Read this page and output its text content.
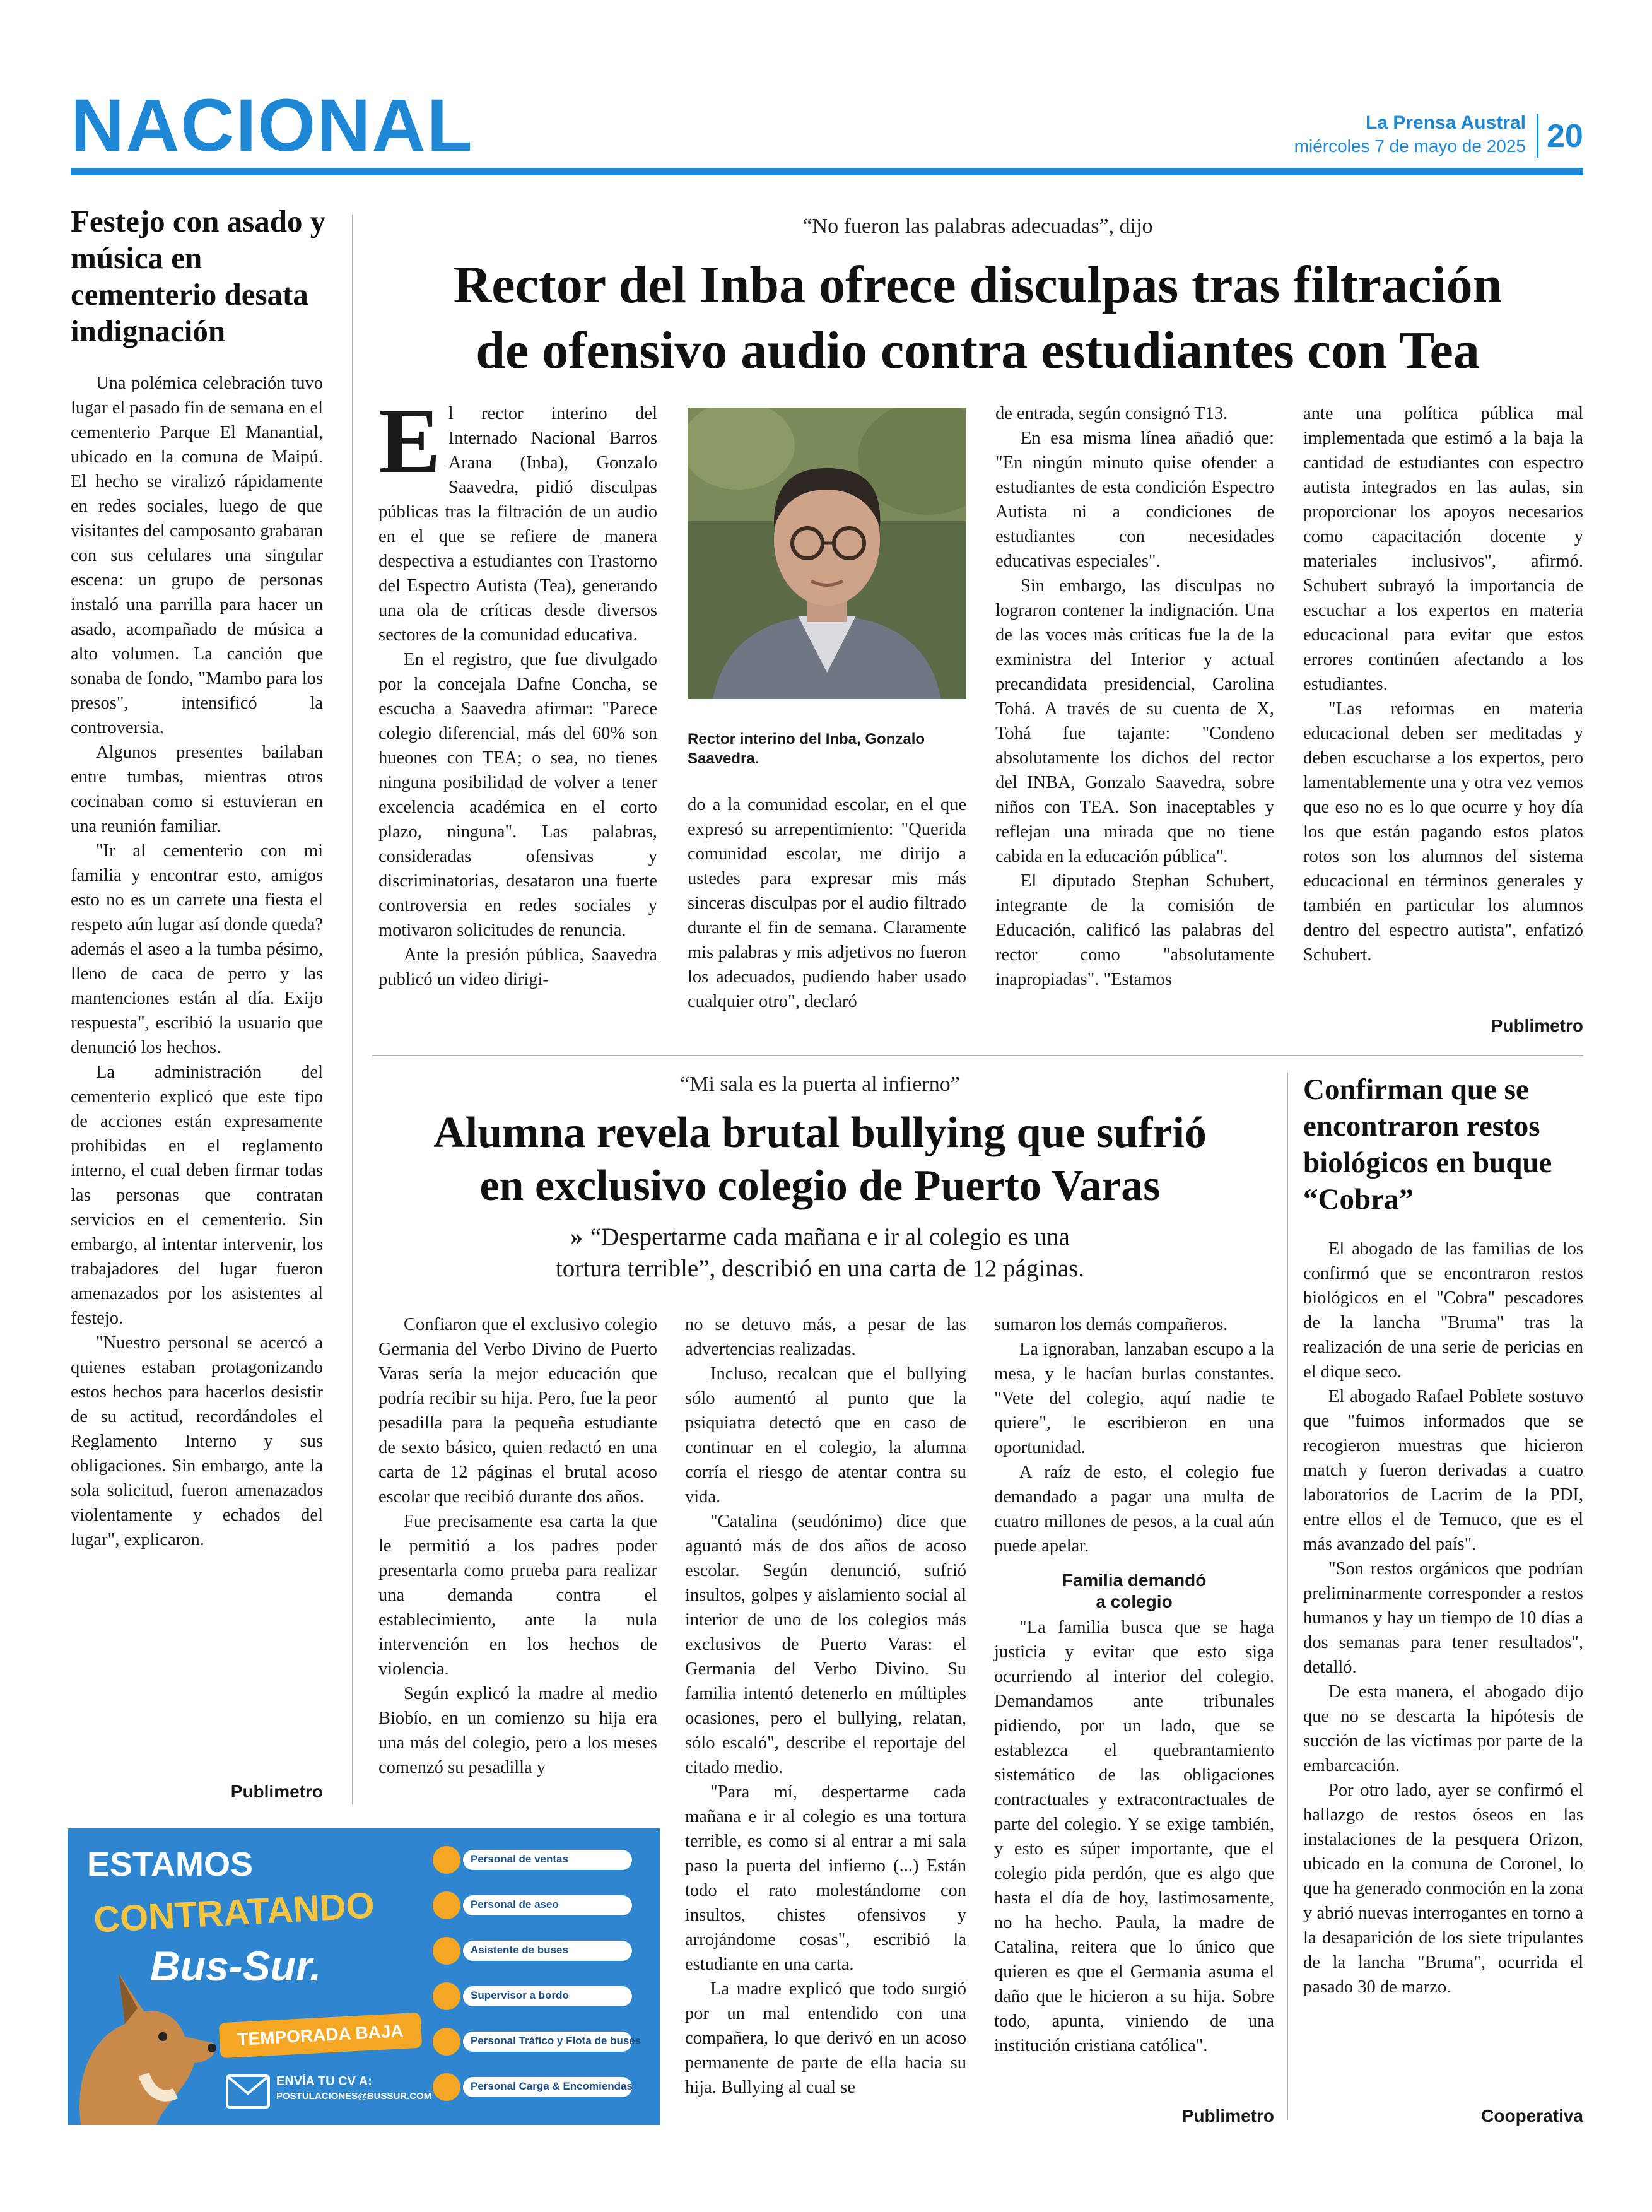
NACIONAL	La Prensa Austral
miércoles 7 de mayo de 2025 20
Festejo con asado y música en cementerio desata indignación

Una polémica celebración tuvo lugar el pasado fin de semana en el cementerio Parque El Manantial, ubicado en la comuna de Maipú. El hecho se viralizó rápidamente en redes sociales, luego de que visitantes del camposanto grabaran con sus celulares una singular escena: un grupo de personas instaló una parrilla para hacer un asado, acompañado de música a alto volumen. La canción que sonaba de fondo, "Mambo para los presos", intensificó la controversia.

Algunos presentes bailaban entre tumbas, mientras otros cocinaban como si estuvieran en una reunión familiar.

"Ir al cementerio con mi familia y encontrar esto, amigos esto no es un carrete una fiesta el respeto aún lugar así donde queda? además el aseo a la tumba pésimo, lleno de caca de perro y las mantenciones están al día. Exijo respuesta", escribió la usuario que denunció los hechos.

La administración del cementerio explicó que este tipo de acciones están expresamente prohibidas en el reglamento interno, el cual deben firmar todas las personas que contratan servicios en el cementerio. Sin embargo, al intentar intervenir, los trabajadores del lugar fueron amenazados por los asistentes al festejo.

"Nuestro personal se acercó a quienes estaban protagonizando estos hechos para hacerlos desistir de su actitud, recordándoles el Reglamento Interno y sus obligaciones. Sin embargo, ante la sola solicitud, fueron amenazados violentamente y echados del lugar", explicaron.

Publimetro
“No fueron las palabras adecuadas”, dijo
Rector del Inba ofrece disculpas tras filtración
de ofensivo audio contra estudiantes con Tea
E l rector interino del Internado Nacional Barros Arana (Inba), Gonzalo Saavedra, pidió disculpas públicas tras la filtración de un audio en el que se refiere de manera despectiva a estudiantes con Trastorno del Espectro Autista (Tea), generando una ola de críticas desde diversos sectores de la comunidad educativa.

En el registro, que fue divulgado por la concejala Dafne Concha, se escucha a Saavedra afirmar: "Parece colegio diferencial, más del 60% son hueones con TEA; o sea, no tienes ninguna posibilidad de volver a tener excelencia académica en el corto plazo, ninguna". Las palabras, consideradas ofensivas y discriminatorias, desataron una fuerte controversia en redes sociales y motivaron solicitudes de renuncia.

Ante la presión pública, Saavedra publicó un video dirigi-

Rector interino del Inba, Gonzalo Saavedra.

do a la comunidad escolar, en el que expresó su arrepentimiento: "Querida comunidad escolar, me dirijo a ustedes para expresar mis más sinceras disculpas por el audio filtrado durante el fin de semana. Claramente mis palabras y mis adjetivos no fueron los adecuados, pudiendo haber usado cualquier otro", declaró

de entrada, según consignó T13.

En esa misma línea añadió que: "En ningún minuto quise ofender a estudiantes de esta condición Espectro Autista ni a condiciones de estudiantes con necesidades educativas especiales".

Sin embargo, las disculpas no lograron contener la indignación. Una de las voces más críticas fue la de la exministra del Interior y actual precandidata presidencial, Carolina Tohá. A través de su cuenta de X, Tohá fue tajante: "Condeno absolutamente los dichos del rector del INBA, Gonzalo Saavedra, sobre niños con TEA. Son inaceptables y reflejan una mirada que no tiene cabida en la educación pública".

El diputado Stephan Schubert, integrante de la comisión de Educación, calificó las palabras del rector como "absolutamente inapropiadas". "Estamos

ante una política pública mal implementada que estimó a la baja la cantidad de estudiantes con espectro autista integrados en las aulas, sin proporcionar los apoyos necesarios como capacitación docente y materiales inclusivos", afirmó. Schubert subrayó la importancia de escuchar a los expertos en materia educacional para evitar que estos errores continúen afectando a los estudiantes.

"Las reformas en materia educacional deben ser meditadas y deben escucharse a los expertos, pero lamentablemente una y otra vez vemos que eso no es lo que ocurre y hoy día los que están pagando estos platos rotos son los alumnos del sistema educacional en términos generales y también en particular los alumnos dentro del espectro autista", enfatizó Schubert.

Publimetro
“Mi sala es la puerta al infierno”
Alumna revela brutal bullying que sufrió
en exclusivo colegio de Puerto Varas
» “Despertarme cada mañana e ir al colegio es una
tortura terrible”, describió en una carta de 12 páginas.

Confiaron que el exclusivo colegio Germania del Verbo Divino de Puerto Varas sería la mejor educación que podría recibir su hija. Pero, fue la peor pesadilla para la pequeña estudiante de sexto básico, quien redactó en una carta de 12 páginas el brutal acoso escolar que recibió durante dos años.

Fue precisamente esa carta la que le permitió a los padres poder presentarla como prueba para realizar una demanda contra el establecimiento, ante la nula intervención en los hechos de violencia.

Según explicó la madre al medio Biobío, en un comienzo su hija era una más del colegio, pero a los meses comenzó su pesadilla y

no se detuvo más, a pesar de las advertencias realizadas.

Incluso, recalcan que el bullying sólo aumentó al punto que la psiquiatra detectó que en caso de continuar en el colegio, la alumna corría el riesgo de atentar contra su vida.

"Catalina (seudónimo) dice que aguantó más de dos años de acoso escolar. Según denunció, sufrió insultos, golpes y aislamiento social al interior de uno de los colegios más exclusivos de Puerto Varas: el Germania del Verbo Divino. Su familia intentó detenerlo en múltiples ocasiones, pero el bullying, relatan, sólo escaló", describe el reportaje del citado medio.

"Para mí, despertarme cada mañana e ir al colegio es una tortura terrible, es como si al entrar a mi sala paso la puerta del infierno (...) Están todo el rato molestándome con insultos, chistes ofensivos y arrojándome cosas", escribió la estudiante en una carta.

La madre explicó que todo surgió por un mal entendido con una compañera, lo que derivó en un acoso permanente de parte de ella hacia su hija. Bullying al cual se

sumaron los demás compañeros.

La ignoraban, lanzaban escupo a la mesa, y le hacían burlas constantes. "Vete del colegio, aquí nadie te quiere", le escribieron en una oportunidad.

A raíz de esto, el colegio fue demandado a pagar una multa de cuatro millones de pesos, a la cual aún puede apelar.

Familia demandó
a colegio

"La familia busca que se haga justicia y evitar que esto siga ocurriendo al interior del colegio. Demandamos ante tribunales pidiendo, por un lado, que se establezca el quebrantamiento sistemático de las obligaciones contractuales y extracontractuales de parte del colegio. Y se exige también, y esto es súper importante, que el colegio pida perdón, que es algo que hasta el día de hoy, lastimosamente, no ha hecho. Paula, la madre de Catalina, reitera que lo único que quieren es que el Germania asuma el daño que le hicieron a su hija. Sobre todo, apunta, viniendo de una institución cristiana católica".

Publimetro
Confirman que se encontraron restos biológicos en buque “Cobra”

El abogado de las familias de los confirmó que se encontraron restos biológicos en el "Cobra" pescadores de la lancha "Bruma" tras la realización de una serie de pericias en el dique seco.

El abogado Rafael Poblete sostuvo que "fuimos informados que se recogieron muestras que hicieron match y fueron derivadas a cuatro laboratorios de Lacrim de la PDI, entre ellos el de Temuco, que es el más avanzado del país".

"Son restos orgánicos que podrían preliminarmente corresponder a restos humanos y hay un tiempo de 10 días a dos semanas para tener resultados", detalló.

De esta manera, el abogado dijo que no se descarta la hipótesis de succión de las víctimas por parte de la embarcación.

Por otro lado, ayer se confirmó el hallazgo de restos óseos en las instalaciones de la pesquera Orizon, ubicado en la comuna de Coronel, lo que ha generado conmoción en la zona y abrió nuevas interrogantes en torno a la desaparición de los siete tripulantes de la lancha "Bruma", ocurrida el pasado 30 de marzo.

Cooperativa
ESTAMOS
CONTRATANDO
Bus-Sur.
TEMPORADA BAJA
ENVÍA TU CV A:
POSTULACIONES@BUSSUR.COM
Personal de ventas
Personal de aseo
Asistente de buses
Supervisor a bordo
Personal Tráfico y Flota de buses
Personal Carga & Encomiendas
